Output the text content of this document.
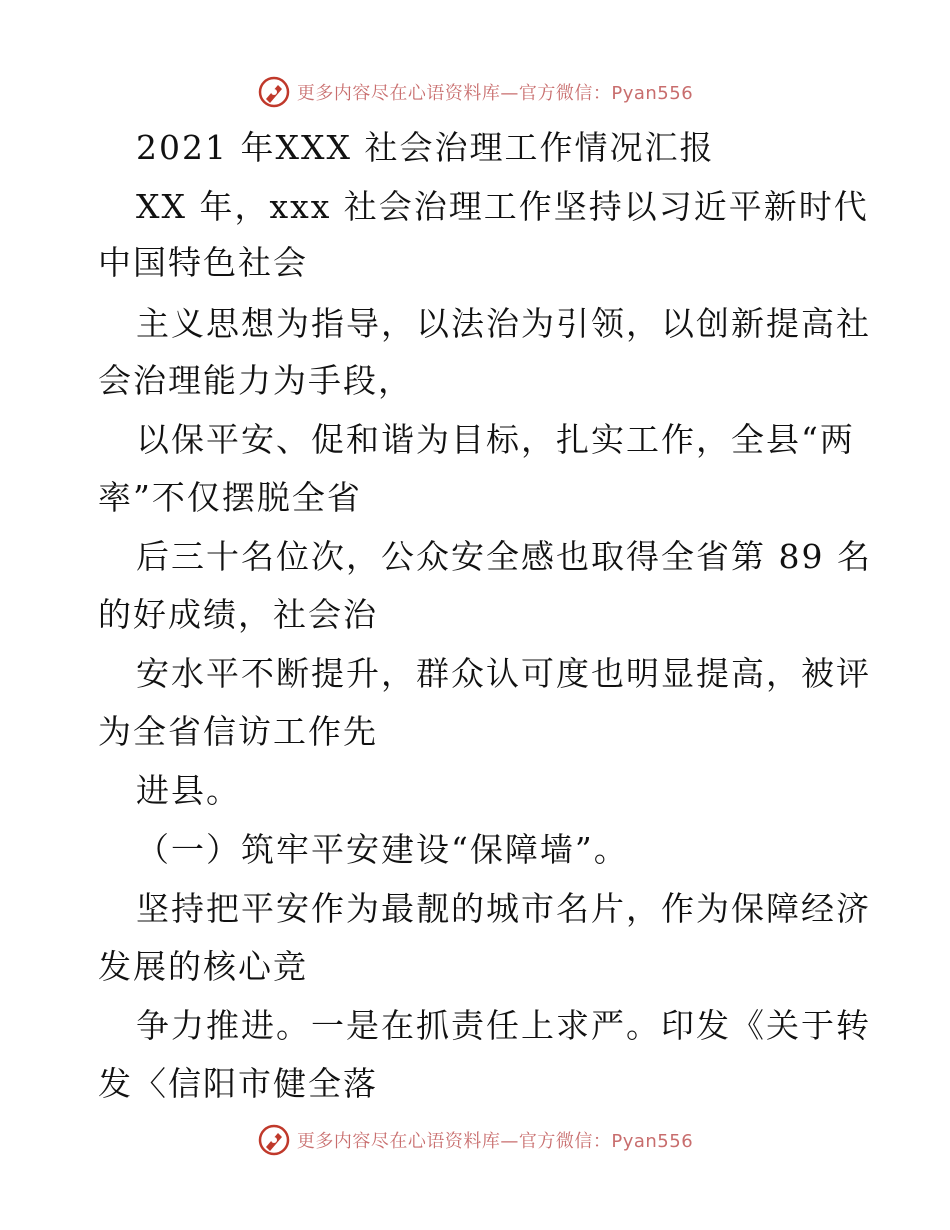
更多内容尽在心语资料库—官方微信：Pyan556
2021 年XXX 社会治理工作情况汇报
XX 年，xxx 社会治理工作坚持以习近平新时代
中国特色社会
主义思想为指导，以法治为引领，以创新提高社
会治理能力为手段，
以保平安、促和谐为目标，扎实工作，全县“两
率”不仅摆脱全省
后三十名位次，公众安全感也取得全省第 89 名
的好成绩，社会治
安水平不断提升，群众认可度也明显提高，被评
为全省信访工作先
进县。
（一）筑牢平安建设“保障墙”。
坚持把平安作为最靓的城市名片，作为保障经济
发展的核心竞
争力推进。一是在抓责任上求严。印发《关于转
发〈信阳市健全落
更多内容尽在心语资料库—官方微信：Pyan556
